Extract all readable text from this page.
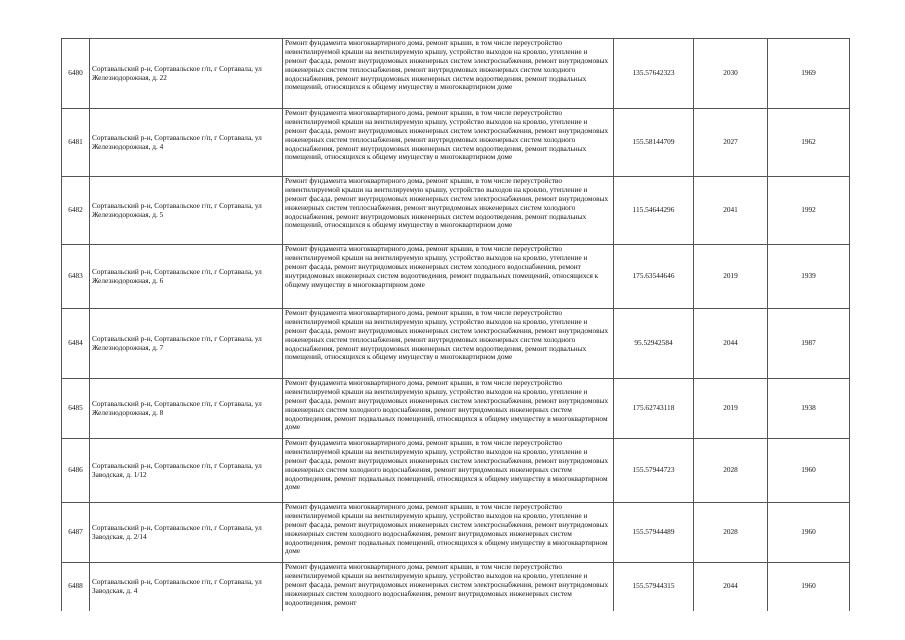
6480	Сортавальский р-н, Сортавальское г/п, г Сортавала, ул Железнодорожная, д. 22	Ремонт фундамента многоквартирного дома, ремонт крыши, в том числе переустройство невентилируемой крыши на вентилируемую крышу, устройство выходов на кровлю, утепление и ремонт фасада, ремонт внутридомовых инженерных систем электроснабжения, ремонт внутридомовых инженерных систем теплоснабжения, ремонт внутридомовых инженерных систем холодного водоснабжения, ремонт внутридомовых инженерных систем водоотведения, ремонт подвальных помещений, относящихся к общему имуществу в многоквартирном доме	135.57642323	2030	1969
6481	Сортавальский р-н, Сортавальское г/п, г Сортавала, ул Железнодорожная, д. 4	Ремонт фундамента многоквартирного дома, ремонт крыши, в том числе переустройство невентилируемой крыши на вентилируемую крышу, устройство выходов на кровлю, утепление и ремонт фасада, ремонт внутридомовых инженерных систем электроснабжения, ремонт внутридомовых инженерных систем теплоснабжения, ремонт внутридомовых инженерных систем холодного водоснабжения, ремонт внутридомовых инженерных систем водоотведения, ремонт подвальных помещений, относящихся к общему имуществу в многоквартирном доме	155.58144709	2027	1962
6482	Сортавальский р-н, Сортавальское г/п, г Сортавала, ул Железнодорожная, д. 5	Ремонт фундамента многоквартирного дома, ремонт крыши, в том числе переустройство невентилируемой крыши на вентилируемую крышу, устройство выходов на кровлю, утепление и ремонт фасада, ремонт внутридомовых инженерных систем электроснабжения, ремонт внутридомовых инженерных систем теплоснабжения, ремонт внутридомовых инженерных систем холодного водоснабжения, ремонт внутридомовых инженерных систем водоотведения, ремонт подвальных помещений, относящихся к общему имуществу в многоквартирном доме	115.54644296	2041	1992
6483	Сортавальский р-н, Сортавальское г/п, г Сортавала, ул Железнодорожная, д. 6	Ремонт фундамента многоквартирного дома, ремонт крыши, в том числе переустройство невентилируемой крыши на вентилируемую крышу, устройство выходов на кровлю, утепление и ремонт фасада, ремонт внутридомовых инженерных систем холодного водоснабжения, ремонт внутридомовых инженерных систем водоотведения, ремонт подвальных помещений, относящихся к общему имуществу в многоквартирном доме	175.63544646	2019	1939
6484	Сортавальский р-н, Сортавальское г/п, г Сортавала, ул Железнодорожная, д. 7	Ремонт фундамента многоквартирного дома, ремонт крыши, в том числе переустройство невентилируемой крыши на вентилируемую крышу, устройство выходов на кровлю, утепление и ремонт фасада, ремонт внутридомовых инженерных систем электроснабжения, ремонт внутридомовых инженерных систем теплоснабжения, ремонт внутридомовых инженерных систем холодного водоснабжения, ремонт внутридомовых инженерных систем водоотведения, ремонт подвальных помещений, относящихся к общему имуществу в многоквартирном доме	95.52942584	2044	1987
6485	Сортавальский р-н, Сортавальское г/п, г Сортавала, ул Железнодорожная, д. 8	Ремонт фундамента многоквартирного дома, ремонт крыши, в том числе переустройство невентилируемой крыши на вентилируемую крышу, устройство выходов на кровлю, утепление и ремонт фасада, ремонт внутридомовых инженерных систем электроснабжения, ремонт внутридомовых инженерных систем холодного водоснабжения, ремонт внутридомовых инженерных систем водоотведения, ремонт подвальных помещений, относящихся к общему имуществу в многоквартирном доме	175.62743118	2019	1938
6486	Сортавальский р-н, Сортавальское г/п, г Сортавала, ул Заводская, д. 1/12	Ремонт фундамента многоквартирного дома, ремонт крыши, в том числе переустройство невентилируемой крыши на вентилируемую крышу, устройство выходов на кровлю, утепление и ремонт фасада, ремонт внутридомовых инженерных систем электроснабжения, ремонт внутридомовых инженерных систем холодного водоснабжения, ремонт внутридомовых инженерных систем водоотведения, ремонт подвальных помещений, относящихся к общему имуществу в многоквартирном доме	155.57944723	2028	1960
6487	Сортавальский р-н, Сортавальское г/п, г Сортавала, ул Заводская, д. 2/14	Ремонт фундамента многоквартирного дома, ремонт крыши, в том числе переустройство невентилируемой крыши на вентилируемую крышу, устройство выходов на кровлю, утепление и ремонт фасада, ремонт внутридомовых инженерных систем электроснабжения, ремонт внутридомовых инженерных систем холодного водоснабжения, ремонт внутридомовых инженерных систем водоотведения, ремонт подвальных помещений, относящихся к общему имуществу в многоквартирном доме	155.57944489	2028	1960
6488	Сортавальский р-н, Сортавальское г/п, г Сортавала, ул Заводская, д. 4	Ремонт фундамента многоквартирного дома, ремонт крыши, в том числе переустройство невентилируемой крыши на вентилируемую крышу, устройство выходов на кровлю, утепление и ремонт фасада, ремонт внутридомовых инженерных систем электроснабжения, ремонт внутридомовых инженерных систем холодного водоснабжения, ремонт внутридомовых инженерных систем водоотведения, ремонт	155.57944315	2044	1960
